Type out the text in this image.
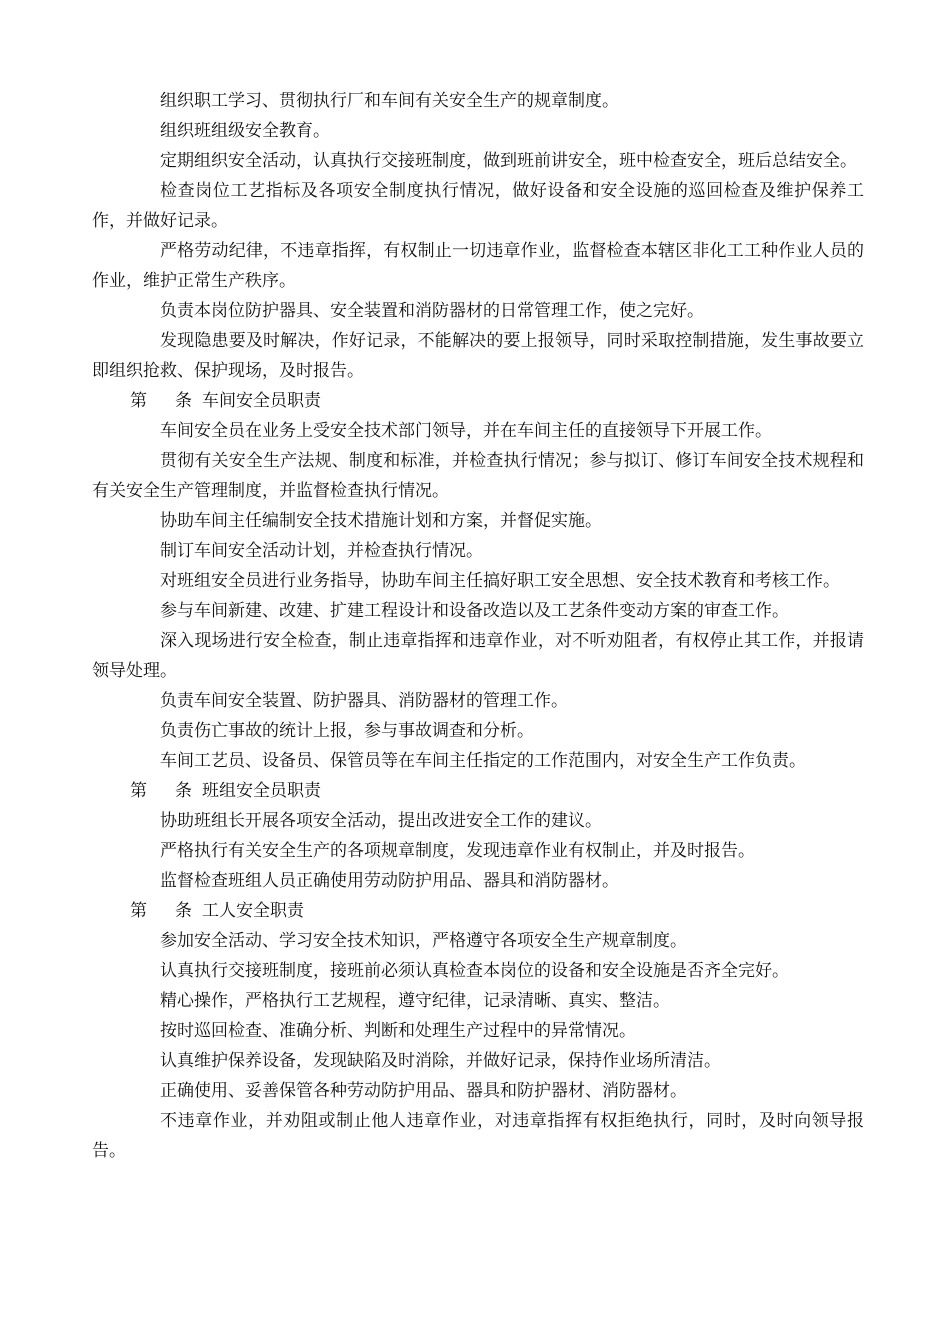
组织职工学习、贯彻执行厂和车间有关安全生产的规章制度。

组织班组级安全教育。

定期组织安全活动，认真执行交接班制度，做到班前讲安全，班中检查安全，班后总结安全。

检查岗位工艺指标及各项安全制度执行情况，做好设备和安全设施的巡回检查及维护保养工作，并做好记录。

严格劳动纪律，不违章指挥，有权制止一切违章作业，监督检查本辖区非化工工种作业人员的作业，维护正常生产秩序。

负责本岗位防护器具、安全装置和消防器材的日常管理工作，使之完好。

发现隐患要及时解决，作好记录，不能解决的要上报领导，同时采取控制措施，发生事故要立即组织抢救、保护现场，及时报告。

第 条 车间安全员职责

车间安全员在业务上受安全技术部门领导，并在车间主任的直接领导下开展工作。

贯彻有关安全生产法规、制度和标准，并检查执行情况；参与拟订、修订车间安全技术规程和有关安全生产管理制度，并监督检查执行情况。

协助车间主任编制安全技术措施计划和方案，并督促实施。

制订车间安全活动计划，并检查执行情况。

对班组安全员进行业务指导，协助车间主任搞好职工安全思想、安全技术教育和考核工作。

参与车间新建、改建、扩建工程设计和设备改造以及工艺条件变动方案的审查工作。

深入现场进行安全检查，制止违章指挥和违章作业，对不听劝阻者，有权停止其工作，并报请领导处理。

负责车间安全装置、防护器具、消防器材的管理工作。

负责伤亡事故的统计上报，参与事故调查和分析。

车间工艺员、设备员、保管员等在车间主任指定的工作范围内，对安全生产工作负责。

第 条 班组安全员职责

协助班组长开展各项安全活动，提出改进安全工作的建议。

严格执行有关安全生产的各项规章制度，发现违章作业有权制止，并及时报告。

监督检查班组人员正确使用劳动防护用品、器具和消防器材。

第 条 工人安全职责

参加安全活动、学习安全技术知识，严格遵守各项安全生产规章制度。

认真执行交接班制度，接班前必须认真检查本岗位的设备和安全设施是否齐全完好。

精心操作，严格执行工艺规程，遵守纪律，记录清晰、真实、整洁。

按时巡回检查、准确分析、判断和处理生产过程中的异常情况。

认真维护保养设备，发现缺陷及时消除，并做好记录，保持作业场所清洁。

正确使用、妥善保管各种劳动防护用品、器具和防护器材、消防器材。

不违章作业，并劝阻或制止他人违章作业，对违章指挥有权拒绝执行，同时，及时向领导报告。
